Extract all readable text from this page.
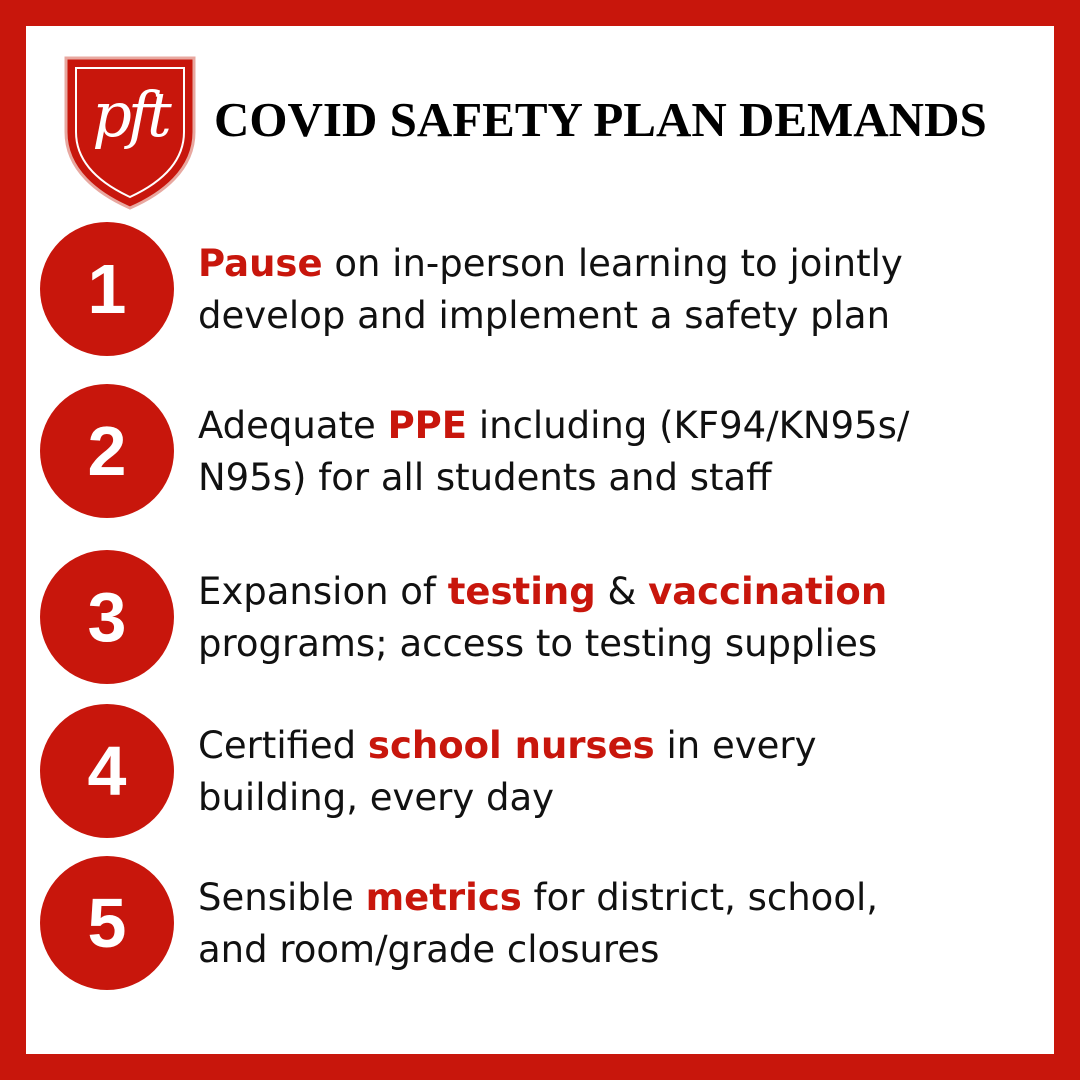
pft COVID SAFETY PLAN DEMANDS
1	Pause on in-person learning to jointly
develop and implement a safety plan

2	Adequate PPE including (KF94/KN95s/
N95s) for all students and staff

3	Expansion of testing & vaccination
programs; access to testing supplies

4	Certified school nurses in every
building, every day

5	Sensible metrics for district, school,
and room/grade closures
